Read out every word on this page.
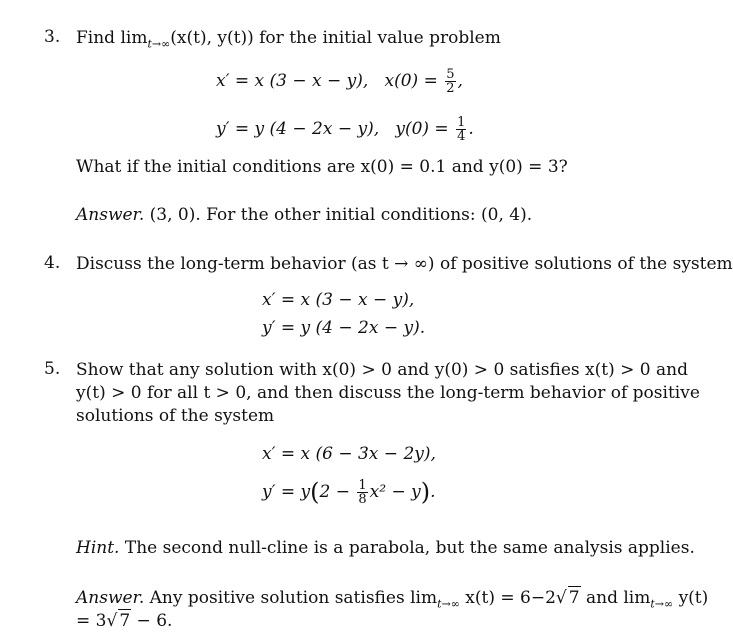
3. Find $\lim_{t\to\infty}(x(t)$, y(t)) for the initial value problem
x′ = x (3 − x − y), $x(0) = \frac{5}{2}$ ,
y′ = y (4 − 2x − y), $y(0) = \frac{1}{4}$ .
What if the initial conditions are x(0) = 0.1 and y(0) = 3?
Answer. (3, 0). For the other initial conditions: (0, 4).
4. Discuss the long-term behavior (as t → ∞) of positive solutions of the system
x′ = x (3 − x − y),
y′ = y (4 − 2x − y).
5. Show that any solution with x(0) > 0 and y(0) > 0 satisfies x(t) > 0 and
y(t) > 0 for all t > 0, and then discuss the long-term behavior of positive
solutions of the system
x′ = x (6 − 3x − 2y),
$y' = y(2 - \frac{1}{8} x^2 - y)$.
Hint. The second null-cline is a parabola, but the same analysis applies.
Answer. Any positive solution satisfies $\lim_{t\to\infty} x(t) = 6-2√$ 7 and $\lim_{t\to\infty} y(t)$
= 3√ 7 − 6.
